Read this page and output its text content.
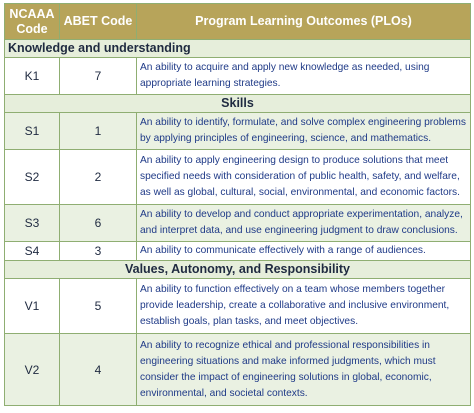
NCAAA Code	ABET Code	Program Learning Outcomes (PLOs)
Knowledge and understanding		
K1	7	An ability to acquire and apply new knowledge as needed, using appropriate learning strategies.
Skills		
S1	1	An ability to identify, formulate, and solve complex engineering problems by applying principles of engineering, science, and mathematics.
S2	2	An ability to apply engineering design to produce solutions that meet specified needs with consideration of public health, safety, and welfare, as well as global, cultural, social, environmental, and economic factors.
S3	6	An ability to develop and conduct appropriate experimentation, analyze, and interpret data, and use engineering judgment to draw conclusions.
S4	3	An ability to communicate effectively with a range of audiences.
Values, Autonomy, and Responsibility		
V1	5	An ability to function effectively on a team whose members together provide leadership, create a collaborative and inclusive environment, establish goals, plan tasks, and meet objectives.
V2	4	An ability to recognize ethical and professional responsibilities in engineering situations and make informed judgments, which must consider the impact of engineering solutions in global, economic, environmental, and societal contexts.
